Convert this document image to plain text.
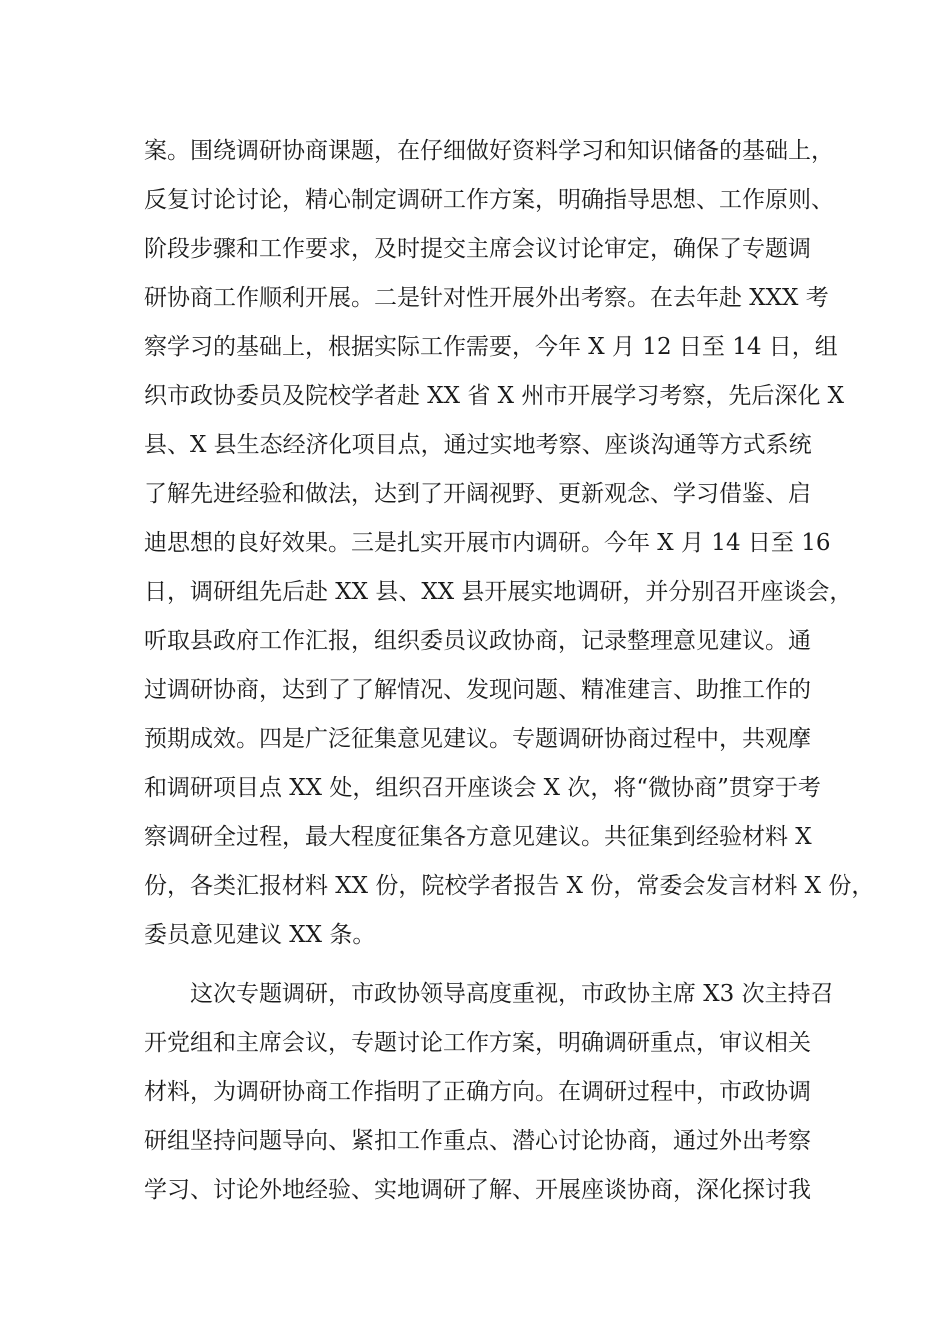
案。围绕调研协商课题，在仔细做好资料学习和知识储备的基础上，
反复讨论讨论，精心制定调研工作方案，明确指导思想、工作原则、
阶段步骤和工作要求，及时提交主席会议讨论审定，确保了专题调
研协商工作顺利开展。二是针对性开展外出考察。在去年赴 XXX 考
察学习的基础上，根据实际工作需要，今年 X 月 12 日至 14 日，组
织市政协委员及院校学者赴 XX 省 X 州市开展学习考察，先后深化 X
县、X 县生态经济化项目点，通过实地考察、座谈沟通等方式系统
了解先进经验和做法，达到了开阔视野、更新观念、学习借鉴、启
迪思想的良好效果。三是扎实开展市内调研。今年 X 月 14 日至 16
日，调研组先后赴 XX 县、XX 县开展实地调研，并分别召开座谈会，
听取县政府工作汇报，组织委员议政协商，记录整理意见建议。通
过调研协商，达到了了解情况、发现问题、精准建言、助推工作的
预期成效。四是广泛征集意见建议。专题调研协商过程中，共观摩
和调研项目点 XX 处，组织召开座谈会 X 次，将“微协商”贯穿于考
察调研全过程，最大程度征集各方意见建议。共征集到经验材料 X
份，各类汇报材料 XX 份，院校学者报告 X 份，常委会发言材料 X 份，
委员意见建议 XX 条。
这次专题调研，市政协领导高度重视，市政协主席 X3 次主持召
开党组和主席会议，专题讨论工作方案，明确调研重点，审议相关
材料，为调研协商工作指明了正确方向。在调研过程中，市政协调
研组坚持问题导向、紧扣工作重点、潜心讨论协商，通过外出考察
学习、讨论外地经验、实地调研了解、开展座谈协商，深化探讨我
